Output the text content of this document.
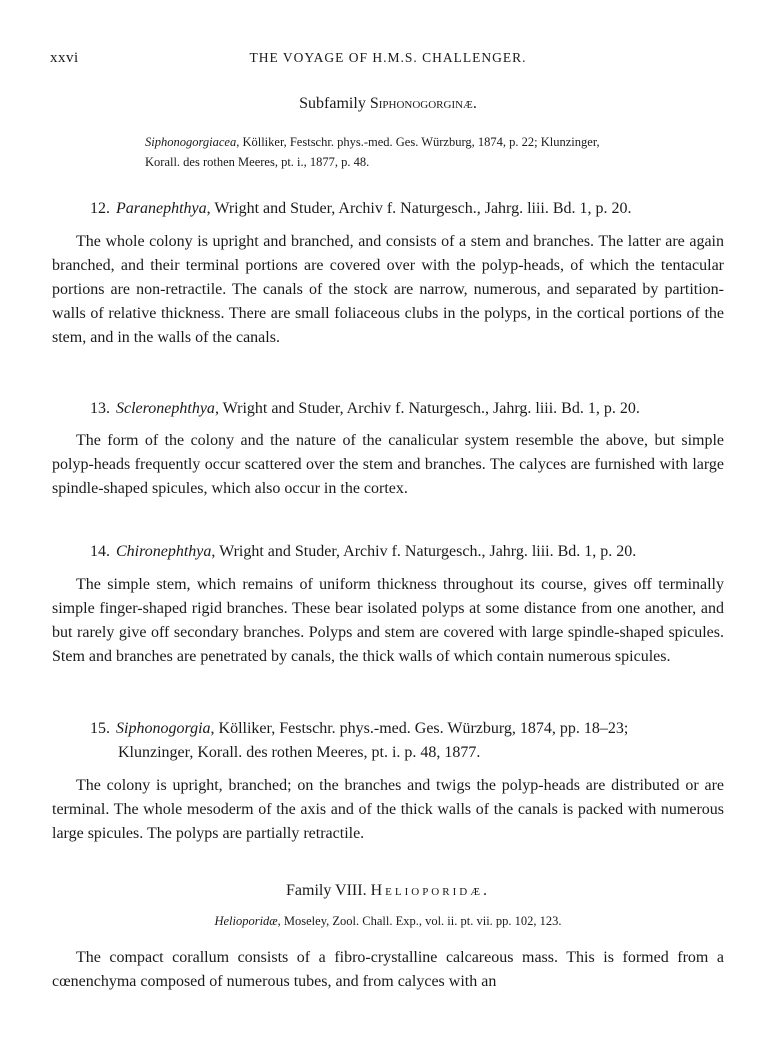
xxvi	THE VOYAGE OF H.M.S. CHALLENGER.
Subfamily Siphonogorginæ.
Siphonogorgiacea, Kölliker, Festschr. phys.-med. Ges. Würzburg, 1874, p. 22; Klunzinger,
Korall. des rothen Meeres, pt. i., 1877, p. 48.
12. Paranephthya, Wright and Studer, Archiv f. Naturgesch., Jahrg. liii. Bd. 1, p. 20.
The whole colony is upright and branched, and consists of a stem and branches. The latter are again branched, and their terminal portions are covered over with the polyp-heads, of which the tentacular portions are non-retractile. The canals of the stock are narrow, numerous, and separated by partition-walls of relative thickness. There are small foliaceous clubs in the polyps, in the cortical portions of the stem, and in the walls of the canals.
13. Scleronephthya, Wright and Studer, Archiv f. Naturgesch., Jahrg. liii. Bd. 1, p. 20.
The form of the colony and the nature of the canalicular system resemble the above, but simple polyp-heads frequently occur scattered over the stem and branches. The calyces are furnished with large spindle-shaped spicules, which also occur in the cortex.
14. Chironephthya, Wright and Studer, Archiv f. Naturgesch., Jahrg. liii. Bd. 1, p. 20.
The simple stem, which remains of uniform thickness throughout its course, gives off terminally simple finger-shaped rigid branches. These bear isolated polyps at some distance from one another, and but rarely give off secondary branches. Polyps and stem are covered with large spindle-shaped spicules. Stem and branches are penetrated by canals, the thick walls of which contain numerous spicules.
15. Siphonogorgia, Kölliker, Festschr. phys.-med. Ges. Würzburg, 1874, pp. 18–23;
Klunzinger, Korall. des rothen Meeres, pt. i. p. 48, 1877.
The colony is upright, branched; on the branches and twigs the polyp-heads are distributed or are terminal. The whole mesoderm of the axis and of the thick walls of the canals is packed with numerous large spicules. The polyps are partially retractile.
Family VIII. Helioporidæ.
Helioporidæ, Moseley, Zool. Chall. Exp., vol. ii. pt. vii. pp. 102, 123.
The compact corallum consists of a fibro-crystalline calcareous mass. This is formed from a cœnenchyma composed of numerous tubes, and from calyces with an
